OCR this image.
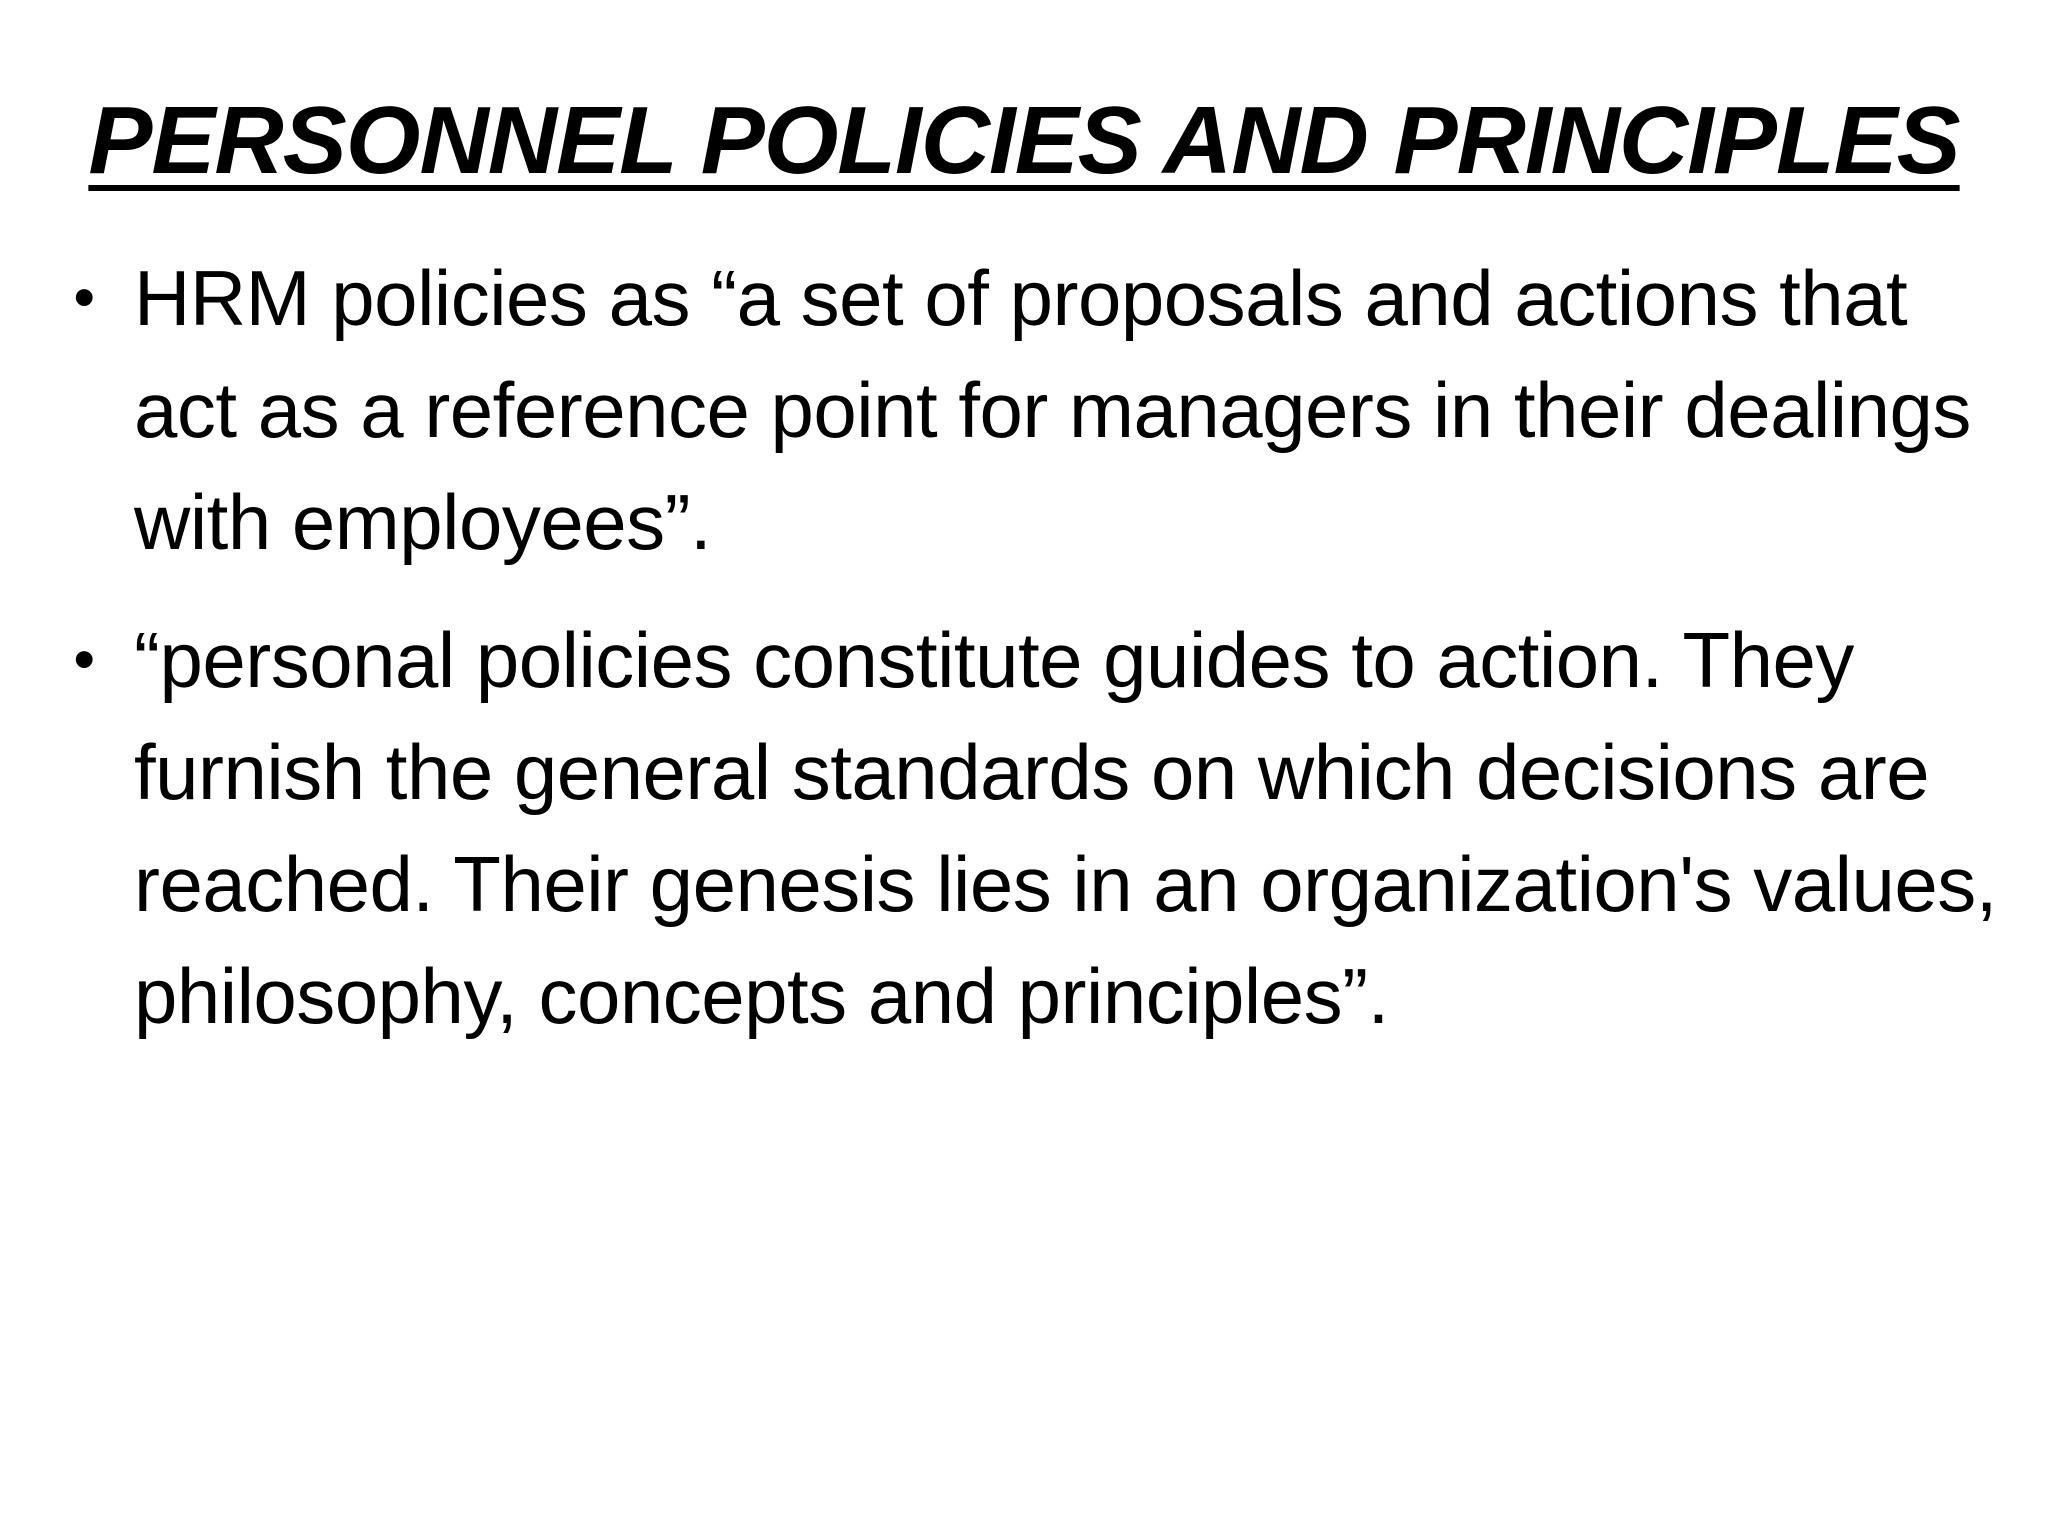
PERSONNEL POLICIES AND PRINCIPLES
• HRM policies as “a set of proposals and actions that act as a reference point for managers in their dealings with employees”.
• “personal policies constitute guides to action. They furnish the general standards on which decisions are reached. Their genesis lies in an organization's values, philosophy, concepts and principles”.
